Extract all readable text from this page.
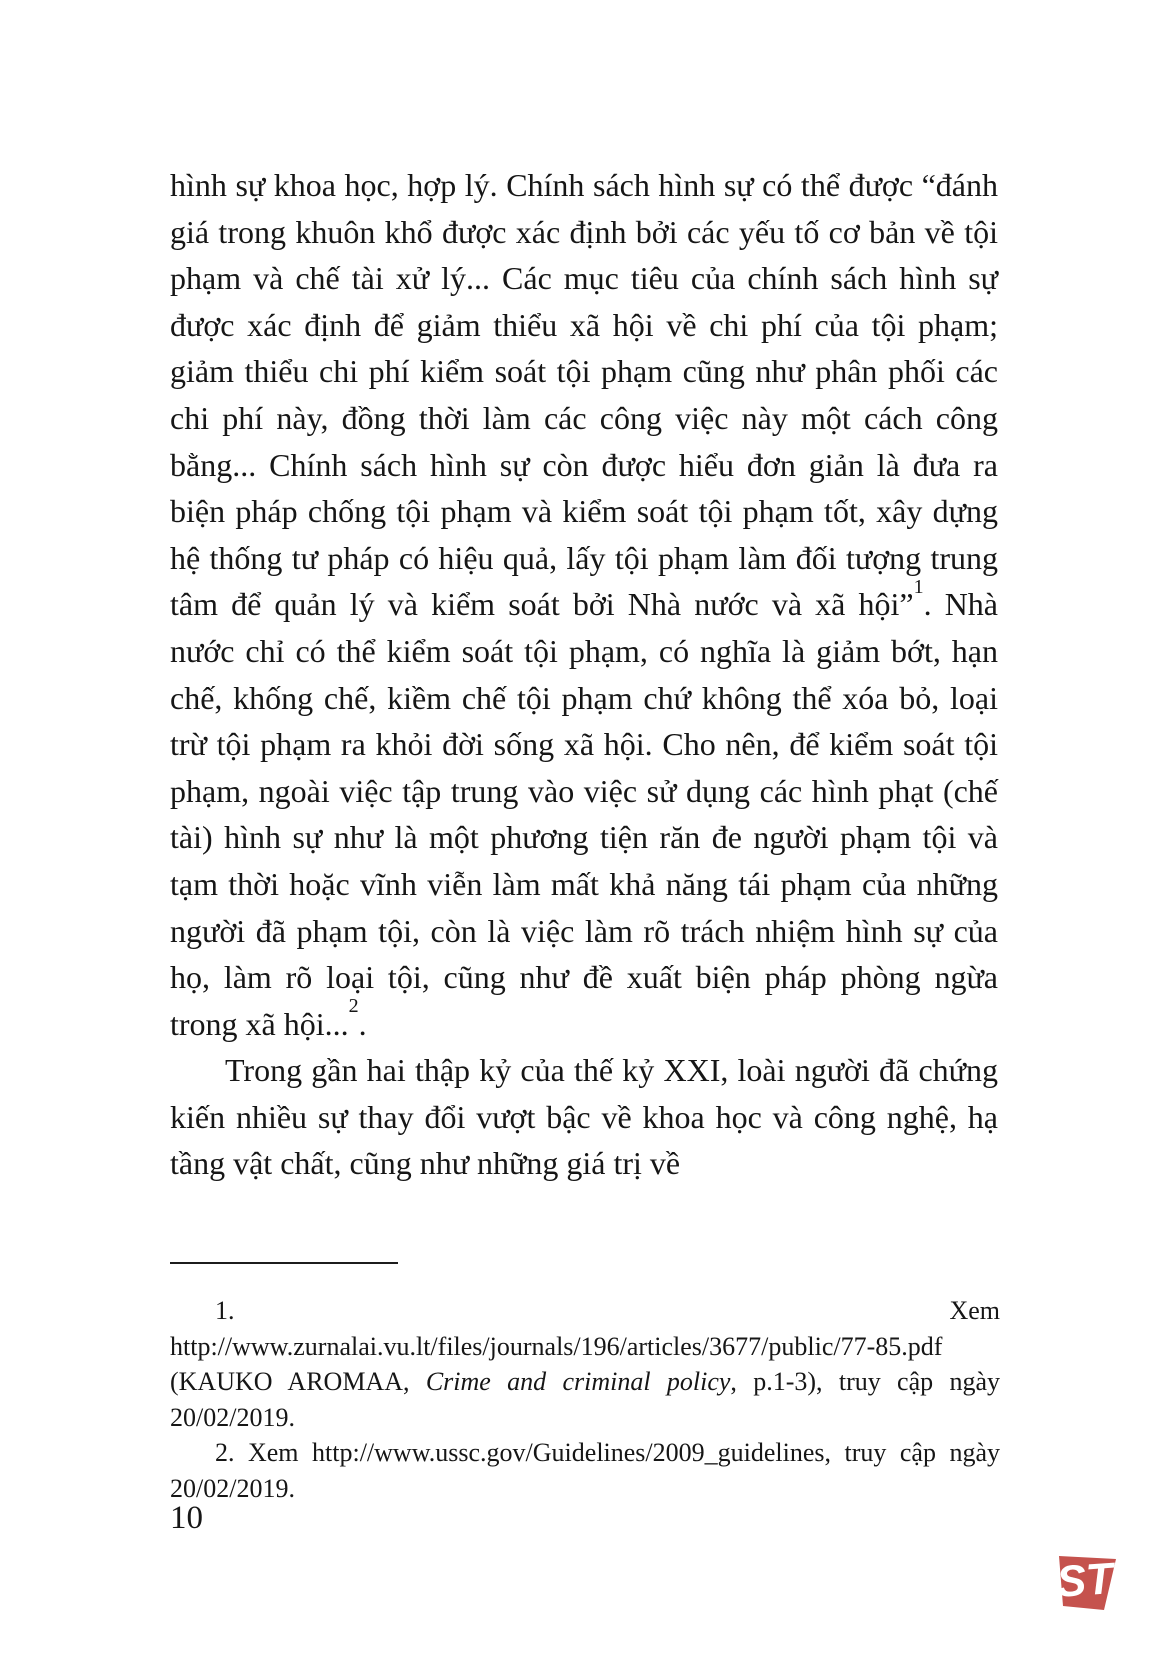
hình sự khoa học, hợp lý. Chính sách hình sự có thể được “đánh giá trong khuôn khổ được xác định bởi các yếu tố cơ bản về tội phạm và chế tài xử lý... Các mục tiêu của chính sách hình sự được xác định để giảm thiểu xã hội về chi phí của tội phạm; giảm thiểu chi phí kiểm soát tội phạm cũng như phân phối các chi phí này, đồng thời làm các công việc này một cách công bằng... Chính sách hình sự còn được hiểu đơn giản là đưa ra biện pháp chống tội phạm và kiểm soát tội phạm tốt, xây dựng hệ thống tư pháp có hiệu quả, lấy tội phạm làm đối tượng trung tâm để quản lý và kiểm soát bởi Nhà nước và xã hội”$^1$. Nhà nước chỉ có thể kiểm soát tội phạm, có nghĩa là giảm bớt, hạn chế, khống chế, kiềm chế tội phạm chứ không thể xóa bỏ, loại trừ tội phạm ra khỏi đời sống xã hội. Cho nên, để kiểm soát tội phạm, ngoài việc tập trung vào việc sử dụng các hình phạt (chế tài) hình sự như là một phương tiện răn đe người phạm tội và tạm thời hoặc vĩnh viễn làm mất khả năng tái phạm của những người đã phạm tội, còn là việc làm rõ trách nhiệm hình sự của họ, làm rõ loại tội, cũng như đề xuất biện pháp phòng ngừa trong xã hội...$^2$.

Trong gần hai thập kỷ của thế kỷ XXI, loài người đã chứng kiến nhiều sự thay đổi vượt bậc về khoa học và công nghệ, hạ tầng vật chất, cũng như những giá trị về

1. Xem http://www.zurnalai.vu.lt/files/journals/196/articles/3677/public/77-85.pdf (KAUKO AROMAA, Crime and criminal policy, p.1-3), truy cập ngày 20/02/2019.

2. Xem http://www.ussc.gov/Guidelines/2009_guidelines, truy cập ngày 20/02/2019.

10
ST
